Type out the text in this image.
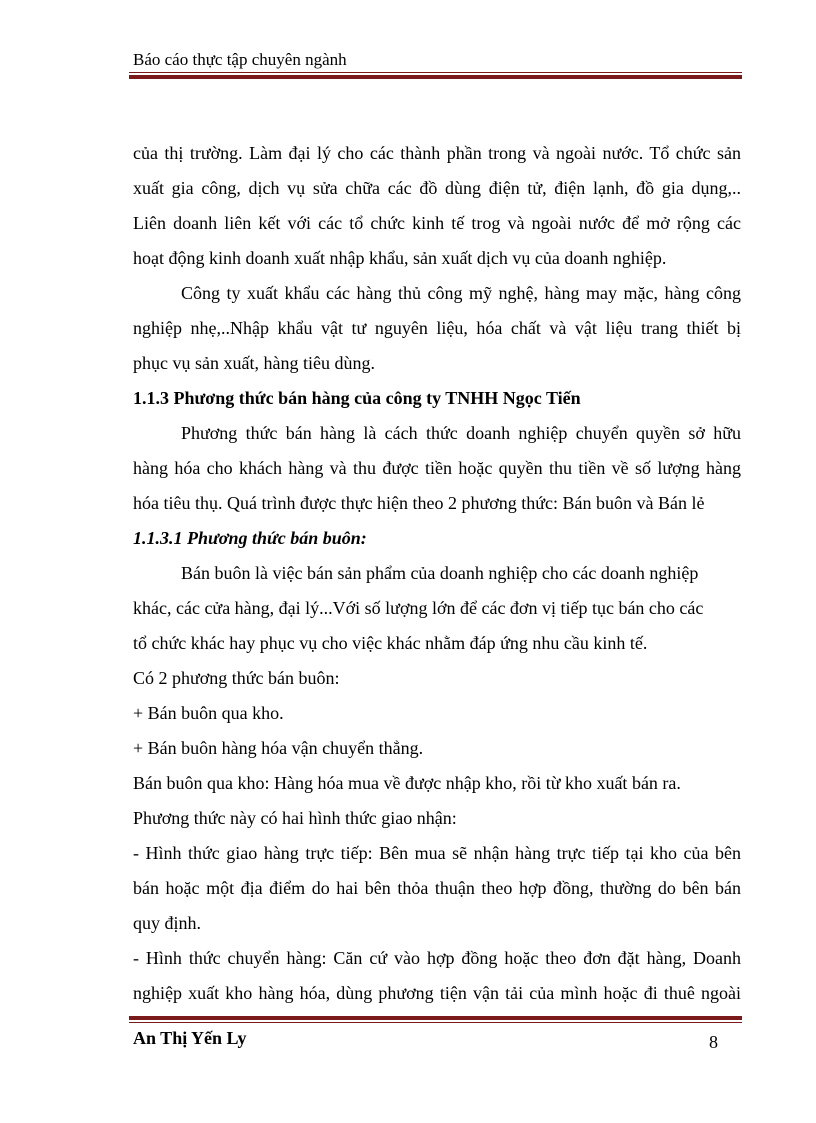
Báo cáo thực tập chuyên ngành
của thị trường. Làm đại lý cho các thành phần trong và ngoài nước. Tổ chức sản
xuất gia công, dịch vụ sửa chữa các đồ dùng điện tử, điện lạnh, đồ gia dụng,..
Liên doanh liên kết với các tổ chức kinh tế trog và ngoài nước để mở rộng các
hoạt động kinh doanh xuất nhập khẩu, sản xuất dịch vụ của doanh nghiệp.
Công ty xuất khẩu các hàng thủ công mỹ nghệ, hàng may mặc, hàng công
nghiệp nhẹ,..Nhập khẩu vật tư nguyên liệu, hóa chất và vật liệu trang thiết bị
phục vụ sản xuất, hàng tiêu dùng.
1.1.3 Phương thức bán hàng của công ty TNHH Ngọc Tiến
Phương thức bán hàng là cách thức doanh nghiệp chuyển quyền sở hữu
hàng hóa cho khách hàng và thu được tiền hoặc quyền thu tiền về số lượng hàng
hóa tiêu thụ. Quá trình được thực hiện theo 2 phương thức: Bán buôn và Bán lẻ
1.1.3.1 Phương thức bán buôn:
Bán buôn là việc bán sản phẩm của doanh nghiệp cho các doanh nghiệp
khác, các cửa hàng, đại lý...Với số lượng lớn để các đơn vị tiếp tục bán cho các
tổ chức khác hay phục vụ cho việc khác nhằm đáp ứng nhu cầu kinh tế.
Có 2 phương thức bán buôn:
+ Bán buôn qua kho.
+ Bán buôn hàng hóa vận chuyển thẳng.
Bán buôn qua kho: Hàng hóa mua về được nhập kho, rồi từ kho xuất bán ra.
Phương thức này có hai hình thức giao nhận:
- Hình thức giao hàng trực tiếp: Bên mua sẽ nhận hàng trực tiếp tại kho của bên
bán hoặc một địa điểm do hai bên thỏa thuận theo hợp đồng, thường do bên bán
quy định.
- Hình thức chuyển hàng: Căn cứ vào hợp đồng hoặc theo đơn đặt hàng, Doanh
nghiệp xuất kho hàng hóa, dùng phương tiện vận tải của mình hoặc đi thuê ngoài
An Thị Yến Ly	8
